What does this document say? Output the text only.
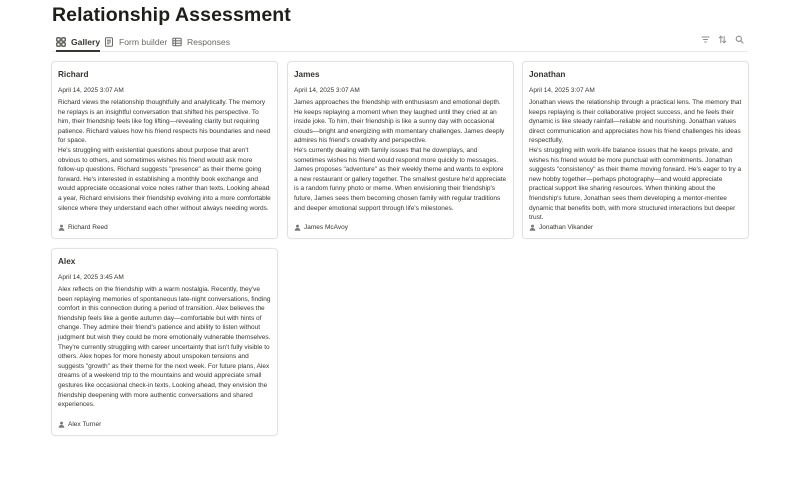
Relationship Assessment
Gallery Form builder Responses
Richard
April 14, 2025 3:07 AM
Richard views the relationship thoughtfully and analytically. The memory he replays is an insightful conversation that shifted his perspective. To him, their friendship feels like fog lifting—revealing clarity but requiring patience. Richard values how his friend respects his boundaries and need for space.
He's struggling with existential questions about purpose that aren't obvious to others, and sometimes wishes his friend would ask more follow-up questions. Richard suggests "presence" as their theme going forward. He's interested in establishing a monthly book exchange and would appreciate occasional voice notes rather than texts. Looking ahead a year, Richard envisions their friendship evolving into a more comfortable silence where they understand each other without always needing words.
Richard Reed
James
April 14, 2025 3:07 AM
James approaches the friendship with enthusiasm and emotional depth. He keeps replaying a moment when they laughed until they cried at an inside joke. To him, their friendship is like a sunny day with occasional clouds—bright and energizing with momentary challenges. James deeply admires his friend's creativity and perspective.
He's currently dealing with family issues that he downplays, and sometimes wishes his friend would respond more quickly to messages. James proposes "adventure" as their weekly theme and wants to explore a new restaurant or gallery together. The smallest gesture he'd appreciate is a random funny photo or meme. When envisioning their friendship's future, James sees them becoming chosen family with regular traditions and deeper emotional support through life's milestones.
James McAvoy
Jonathan
April 14, 2025 3:07 AM
Jonathan views the relationship through a practical lens. The memory that keeps replaying is their collaborative project success, and he feels their dynamic is like steady rainfall—reliable and nourishing. Jonathan values direct communication and appreciates how his friend challenges his ideas respectfully.
He's struggling with work-life balance issues that he keeps private, and wishes his friend would be more punctual with commitments. Jonathan suggests "consistency" as their theme moving forward. He's eager to try a new hobby together—perhaps photography—and would appreciate practical support like sharing resources. When thinking about the friendship's future, Jonathan sees them developing a mentor-mentee dynamic that benefits both, with more structured interactions but deeper trust.
Jonathan Vikander
Alex
April 14, 2025 3:45 AM
Alex reflects on the friendship with a warm nostalgia. Recently, they've been replaying memories of spontaneous late-night conversations, finding comfort in this connection during a period of transition. Alex believes the friendship feels like a gentle autumn day—comfortable but with hints of change. They admire their friend's patience and ability to listen without judgment but wish they could be more emotionally vulnerable themselves.
They're currently struggling with career uncertainty that isn't fully visible to others. Alex hopes for more honesty about unspoken tensions and suggests "growth" as their theme for the next week. For future plans, Alex dreams of a weekend trip to the mountains and would appreciate small gestures like occasional check-in texts. Looking ahead, they envision the friendship deepening with more authentic conversations and shared experiences.
Alex Turner
